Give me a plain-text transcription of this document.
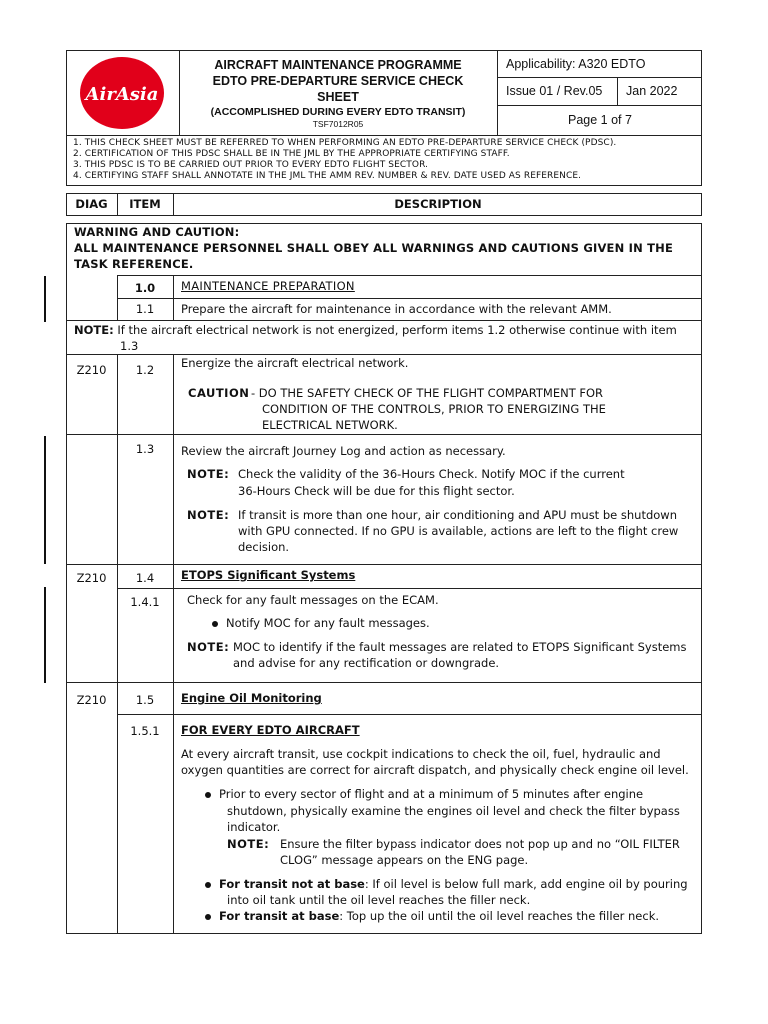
AirAsia
AIRCRAFT MAINTENANCE PROGRAMME
EDTO PRE-DEPARTURE SERVICE CHECK
SHEET
(ACCOMPLISHED DURING EVERY EDTO TRANSIT)
TSF7012R05
Applicability: A320 EDTO
Issue 01 / Rev.05 Jan 2022
Page 1 of 7
1. THIS CHECK SHEET MUST BE REFERRED TO WHEN PERFORMING AN EDTO PRE-DEPARTURE SERVICE CHECK (PDSC).
2. CERTIFICATION OF THIS PDSC SHALL BE IN THE JML BY THE APPROPRIATE CERTIFYING STAFF.
3. THIS PDSC IS TO BE CARRIED OUT PRIOR TO EVERY EDTO FLIGHT SECTOR.
4. CERTIFYING STAFF SHALL ANNOTATE IN THE JML THE AMM REV. NUMBER & REV. DATE USED AS REFERENCE.
DIAG	ITEM	DESCRIPTION
WARNING AND CAUTION:
ALL MAINTENANCE PERSONNEL SHALL OBEY ALL WARNINGS AND CAUTIONS GIVEN IN THE
TASK REFERENCE.
1.0	MAINTENANCE PREPARATION
1.1	Prepare the aircraft for maintenance in accordance with the relevant AMM.
NOTE: If the aircraft electrical network is not energized, perform items 1.2 otherwise continue with item
1.3
Z210	1.2	Energize the aircraft electrical network.
CAUTION - DO THE SAFETY CHECK OF THE FLIGHT COMPARTMENT FOR
CONDITION OF THE CONTROLS, PRIOR TO ENERGIZING THE
ELECTRICAL NETWORK.
1.3	Review the aircraft Journey Log and action as necessary.
NOTE: Check the validity of the 36-Hours Check. Notify MOC if the current
36-Hours Check will be due for this flight sector.
NOTE: If transit is more than one hour, air conditioning and APU must be shutdown
with GPU connected. If no GPU is available, actions are left to the flight crew
decision.
Z210	1.4	ETOPS Significant Systems
1.4.1	Check for any fault messages on the ECAM.
Notify MOC for any fault messages.
NOTE: MOC to identify if the fault messages are related to ETOPS Significant Systems
and advise for any rectification or downgrade.
Z210	1.5	Engine Oil Monitoring
1.5.1	FOR EVERY EDTO AIRCRAFT
At every aircraft transit, use cockpit indications to check the oil, fuel, hydraulic and
oxygen quantities are correct for aircraft dispatch, and physically check engine oil level.
Prior to every sector of flight and at a minimum of 5 minutes after engine
shutdown, physically examine the engines oil level and check the filter bypass
indicator.
NOTE: Ensure the filter bypass indicator does not pop up and no “OIL FILTER
CLOG” message appears on the ENG page.
For transit not at base: If oil level is below full mark, add engine oil by pouring
into oil tank until the oil level reaches the filler neck.
For transit at base: Top up the oil until the oil level reaches the filler neck.
